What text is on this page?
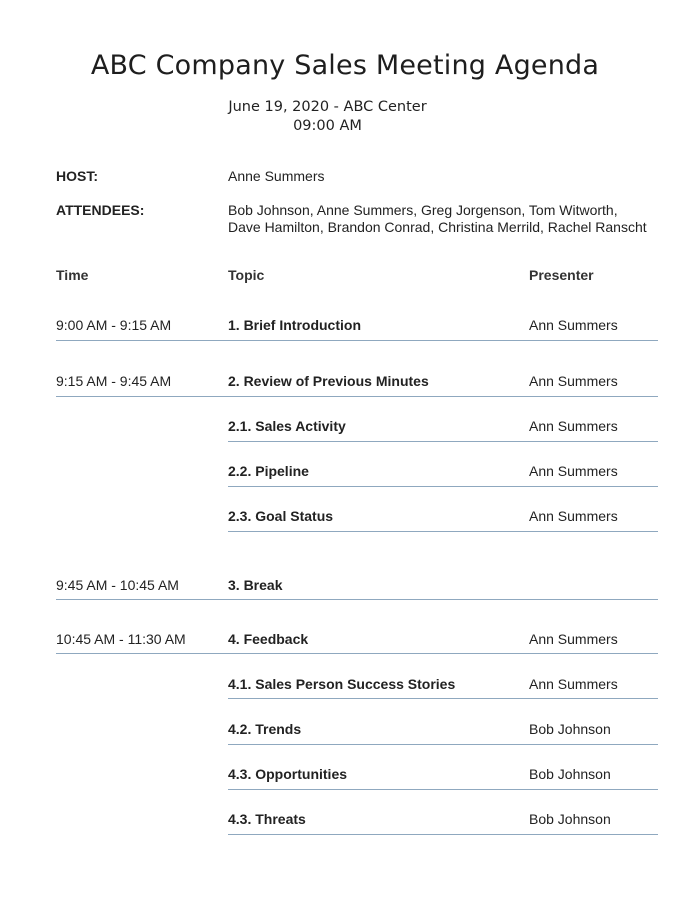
ABC Company Sales Meeting Agenda
June 19, 2020 - ABC Center
09:00 AM
HOST:	Anne Summers
ATTENDEES:	Bob Johnson, Anne Summers, Greg Jorgenson, Tom Witworth,
Dave Hamilton, Brandon Conrad, Christina Merrild, Rachel Ranscht
Time	Topic	Presenter
9:00 AM - 9:15 AM	1. Brief Introduction	Ann Summers
9:15 AM - 9:45 AM	2. Review of Previous Minutes	Ann Summers
2.1. Sales Activity	Ann Summers
2.2. Pipeline	Ann Summers
2.3. Goal Status	Ann Summers
9:45 AM - 10:45 AM	3. Break
10:45 AM - 11:30 AM	4. Feedback	Ann Summers
4.1. Sales Person Success Stories	Ann Summers
4.2. Trends	Bob Johnson
4.3. Opportunities	Bob Johnson
4.3. Threats	Bob Johnson
